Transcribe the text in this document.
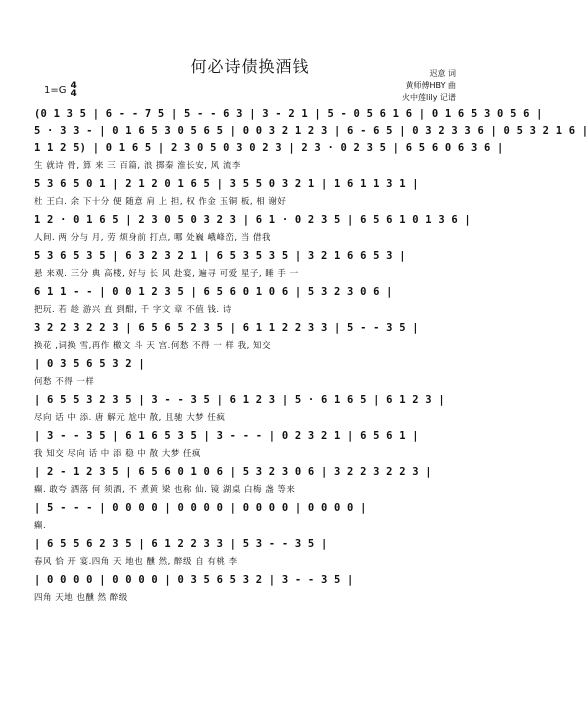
何必诗债换酒钱	迟意 词
黄师傅HBY 曲
火中莲lily 记谱
1=G 4
4
(0 1 3 5 | 6 - - 7 5 | 5 - - 6 3 | 3 - 2 1 | 5 - 0 5 6 1 6 | 0 1 6 5 3 0 5 6 |
5 · 3 3 - | 0 1 6 5 3 0 5 6 5 | 0 0 3 2 1 2 3 | 6 - 6 5 | 0 3 2 3 3 6 | 0 5 3 2 1 6 |
1 1 2 5) | 0 1 6 5 | 2 3 0 5 0 3 0 2 3 | 2 3 · 0 2 3 5 | 6 5 6 0 6 3 6 |
生 就诗 骨, 算 来 三 百篇, 浪 掷秦 淮长安, 风 流李
5 3 6 5 0 1 | 2 1 2 0 1 6 5 | 3 5 5 0 3 2 1 | 1 6 1 1 3 1 |
杜 王白. 余 下十分 便 随意 肩 上 担, 权 作金 玉铜 板, 相 谢好
1 2 · 0 1 6 5 | 2 3 0 5 0 3 2 3 | 6 1 · 0 2 3 5 | 6 5 6 1 0 1 3 6 |
人间. 两 分与 月, 劳 烦身前 打点, 哪 处巍 峨峰峦, 当 借我
5 3 6 5 3 5 | 6 3 2 3 2 1 | 6 5 3 5 3 5 | 3 2 1 6 6 5 3 |
悬 来观. 三分 典 高楼, 好与 长 风 赴宴, 遍寻 可爱 星子, 睡 手 一
6 1 1 - - | 0 0 1 2 3 5 | 6 5 6 0 1 0 6 | 5 3 2 3 0 6 |
把玩. 若 趁 游兴 直 到酣, 千 字文 章 不值 钱. 诗
3 2 2 3 2 2 3 | 6 5 6 5 2 3 5 | 6 1 1 2 2 3 3 | 5 - - 3 5 |
换花 ,词换 雪,再作 檄文 斗 天 宫.何愁 不得 一 样 我, 知交
| 0 3 5 6 5 3 2 |
何愁 不得 一样
| 6 5 5 3 2 3 5 | 3 - - 3 5 | 6 1 2 3 | 5 · 6 1 6 5 | 6 1 2 3 |
尽向 话 中 添. 唐 解元 尬中 散, 且驰 大梦 任疯
| 3 - - 3 5 | 6 1 6 5 3 5 | 3 - - - | 0 2 3 2 1 | 6 5 6 1 |
我 知交 尽向 话 中 添 稳 中 散 大梦 任疯
| 2 - 1 2 3 5 | 6 5 6 0 1 0 6 | 5 3 2 3 0 6 | 3 2 2 3 2 2 3 |
癫. 敢夸 洒落 何 须酒, 不 煮黄 梁 也称 仙. 镜 湖桌 白梅 盏 等来
| 5 - - - | 0 0 0 0 | 0 0 0 0 | 0 0 0 0 | 0 0 0 0 |
癫.
| 6 5 5 6 2 3 5 | 6 1 2 2 3 3 | 5 3 - - 3 5 |
春风 恰 开 宴.四角 天 地也 醺 然, 醉级 自 有桃 李
| 0 0 0 0 | 0 0 0 0 | 0 3 5 6 5 3 2 | 3 - - 3 5 |
四角 天地 也醺 然 醉级
